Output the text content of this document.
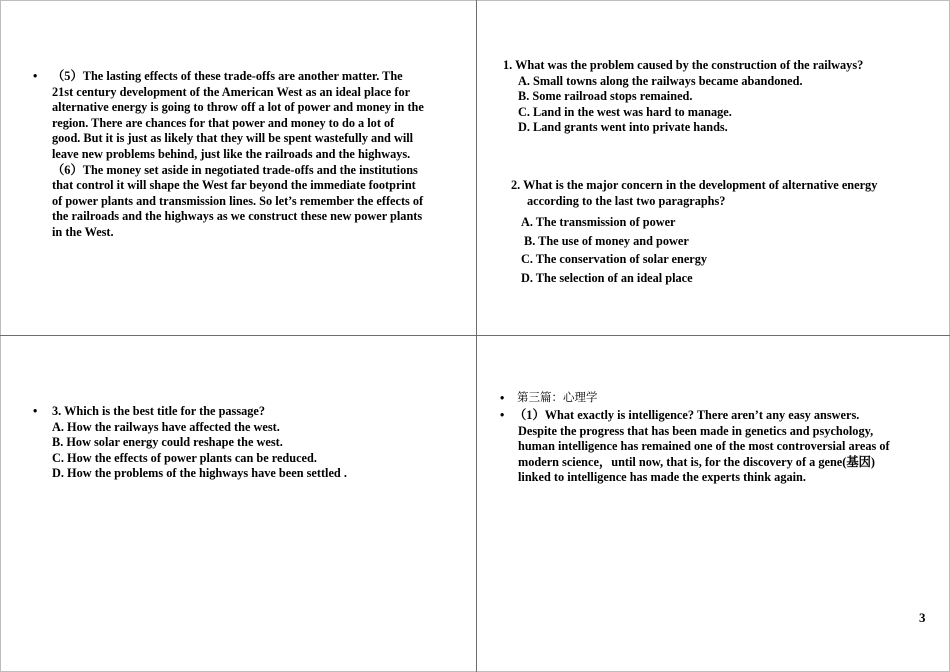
•	（5）The lasting effects of these trade-offs are another matter. The
21st century development of the American West as an ideal place for
alternative energy is going to throw off a lot of power and money in the
region. There are chances for that power and money to do a lot of
good. But it is just as likely that they will be spent wastefully and will
leave new problems behind, just like the railroads and the highways.
（6）The money set aside in negotiated trade-offs and the institutions
that control it will shape the West far beyond the immediate footprint
of power plants and transmission lines. So let’s remember the effects of
the railroads and the highways as we construct these new power plants
in the West.
1. What was the problem caused by the construction of the railways?
A. Small towns along the railways became abandoned.
B. Some railroad stops remained.
C. Land in the west was hard to manage.
D. Land grants went into private hands.
2. What is the major concern in the development of alternative energy
according to the last two paragraphs?
A. The transmission of power
B. The use of money and power
C. The conservation of solar energy
D. The selection of an ideal place
• 3. Which is the best title for the passage?
A. How the railways have affected the west.
B. How solar energy could reshape the west.
C. How the effects of power plants can be reduced.
D. How the problems of the highways have been settled .
• 第三篇：心理学
• （1）What exactly is intelligence? There aren’t any easy answers.
Despite the progress that has been made in genetics and psychology,
human intelligence has remained one of the most controversial areas of
modern science，until now, that is, for the discovery of a gene(基因)
linked to intelligence has made the experts think again.
3
